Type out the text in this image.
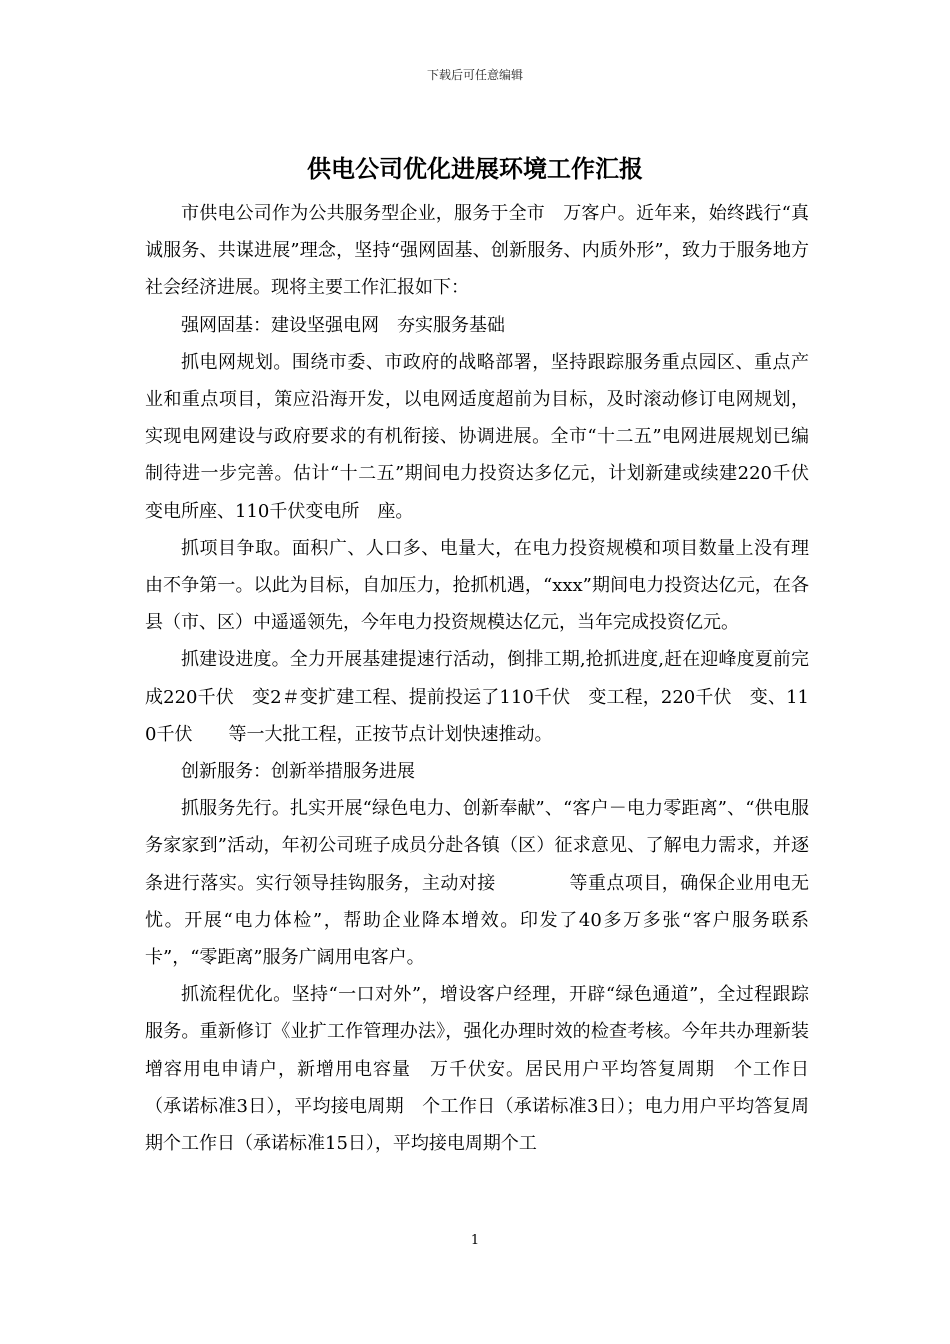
下载后可任意编辑
供电公司优化进展环境工作汇报

市供电公司作为公共服务型企业，服务于全市　万客户。近年来，始终践行“真诚服务、共谋进展”理念，坚持“强网固基、创新服务、内质外形”，致力于服务地方社会经济进展。现将主要工作汇报如下：

强网固基：建设坚强电网　夯实服务基础

抓电网规划。围绕市委、市政府的战略部署，坚持跟踪服务重点园区、重点产业和重点项目，策应沿海开发，以电网适度超前为目标，及时滚动修订电网规划，实现电网建设与政府要求的有机衔接、协调进展。全市“十二五”电网进展规划已编制待进一步完善。估计“十二五”期间电力投资达多亿元，计划新建或续建220千伏变电所座、110千伏变电所　座。

抓项目争取。面积广、人口多、电量大，在电力投资规模和项目数量上没有理由不争第一。以此为目标，自加压力，抢抓机遇，“xxx”期间电力投资达亿元，在各县（市、区）中遥遥领先，今年电力投资规模达亿元，当年完成投资亿元。

抓建设进度。全力开展基建提速行活动，倒排工期,抢抓进度,赶在迎峰度夏前完成220千伏　变2＃变扩建工程、提前投运了110千伏　变工程，220千伏　变、110千伏　　等一大批工程，正按节点计划快速推动。

创新服务：创新举措服务进展

抓服务先行。扎实开展“绿色电力、创新奉献”、“客户－电力零距离”、“供电服务家家到”活动，年初公司班子成员分赴各镇（区）征求意见、了解电力需求，并逐条进行落实。实行领导挂钩服务，主动对接　　　　等重点项目，确保企业用电无忧。开展“电力体检”，帮助企业降本增效。印发了40多万多张“客户服务联系卡”，“零距离”服务广阔用电客户。

抓流程优化。坚持“一口对外”，增设客户经理，开辟“绿色通道”，全过程跟踪服务。重新修订《业扩工作管理办法》，强化办理时效的检查考核。今年共办理新装增容用电申请户，新增用电容量　万千伏安。居民用户平均答复周期　个工作日（承诺标准3日），平均接电周期　个工作日（承诺标准3日）；电力用户平均答复周期个工作日（承诺标准15日），平均接电周期个工

1
